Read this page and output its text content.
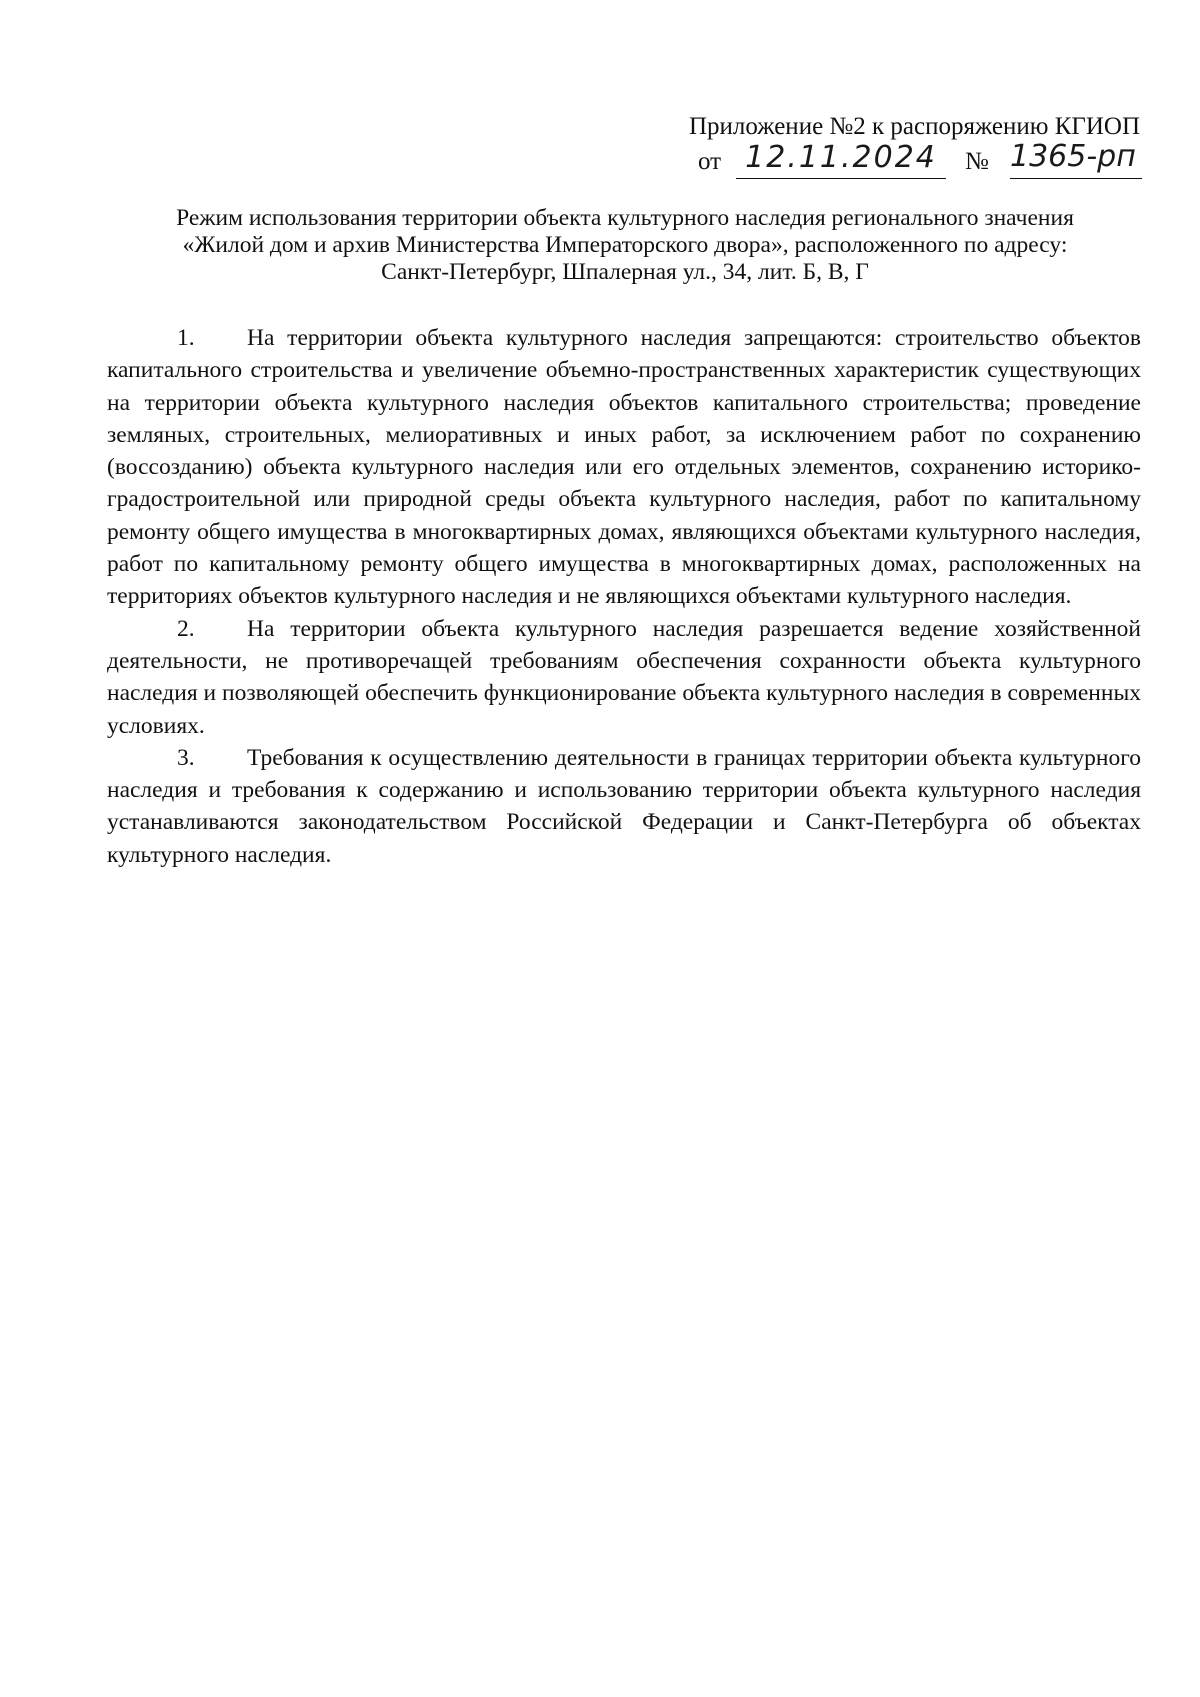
Приложение №2 к распоряжению КГИОП
от 12.11.2024	№ 1365-рп
Режим использования территории объекта культурного наследия регионального значения
«Жилой дом и архив Министерства Императорского двора», расположенного по адресу:
Санкт-Петербург, Шпалерная ул., 34, лит. Б, В, Г

1. На территории объекта культурного наследия запрещаются: строительство объектов капитального строительства и увеличение объемно-пространственных характеристик существующих на территории объекта культурного наследия объектов капитального строительства; проведение земляных, строительных, мелиоративных и иных работ, за исключением работ по сохранению (воссозданию) объекта культурного наследия или его отдельных элементов, сохранению историко-градостроительной или природной среды объекта культурного наследия, работ по капитальному ремонту общего имущества в многоквартирных домах, являющихся объектами культурного наследия, работ по капитальному ремонту общего имущества в многоквартирных домах, расположенных на территориях объектов культурного наследия и не являющихся объектами культурного наследия.

2. На территории объекта культурного наследия разрешается ведение хозяйственной деятельности, не противоречащей требованиям обеспечения сохранности объекта культурного наследия и позволяющей обеспечить функционирование объекта культурного наследия в современных условиях.

3. Требования к осуществлению деятельности в границах территории объекта культурного наследия и требования к содержанию и использованию территории объекта культурного наследия устанавливаются законодательством Российской Федерации и Санкт-Петербурга об объектах культурного наследия.
